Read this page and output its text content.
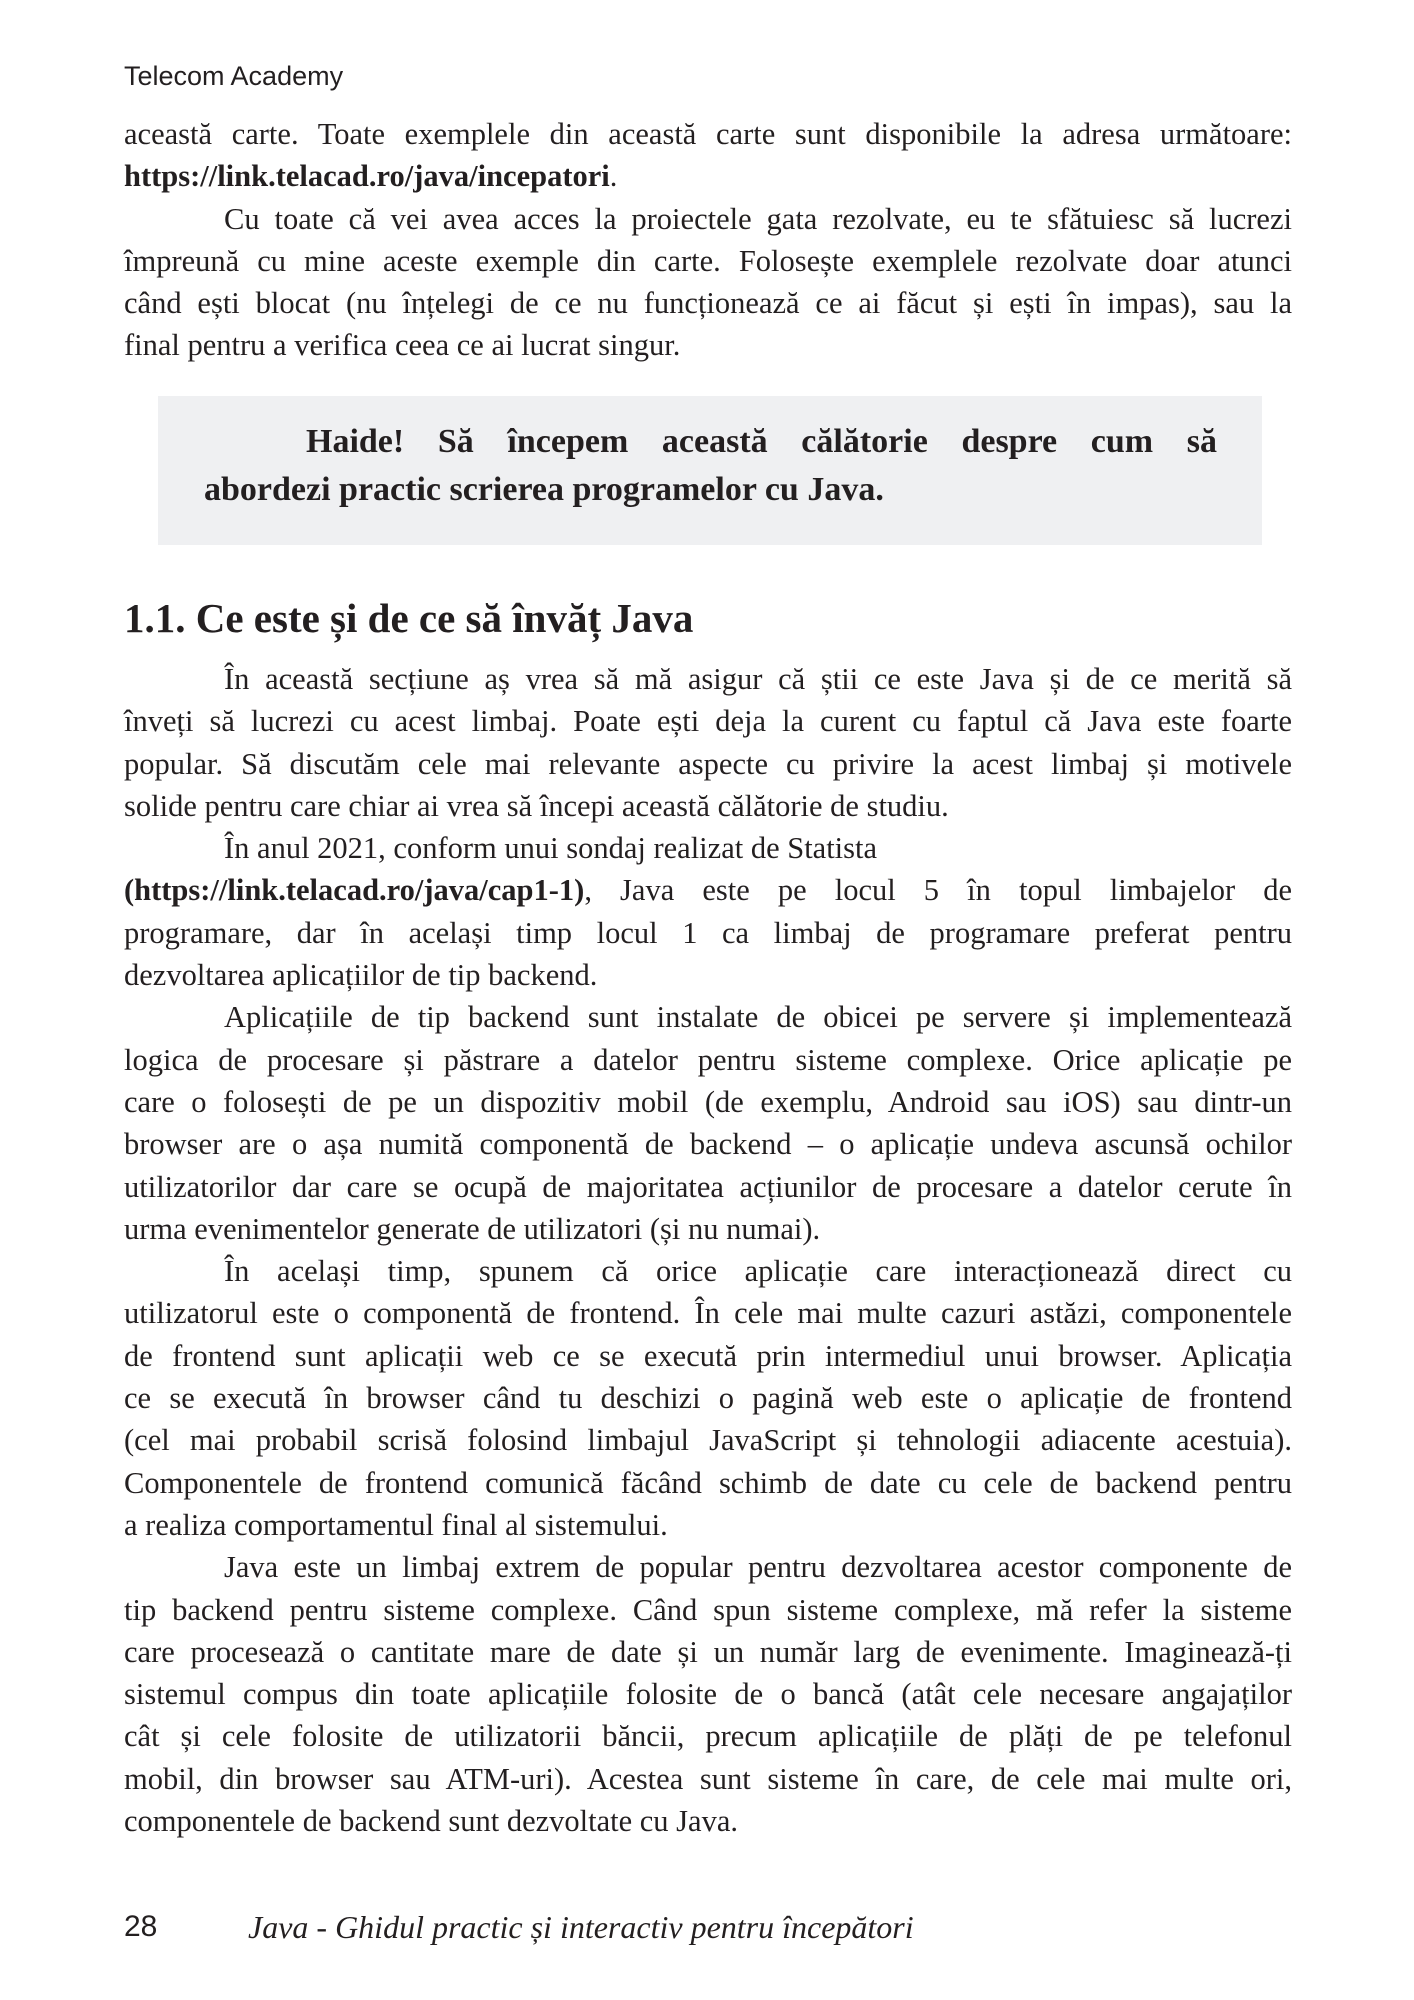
Telecom Academy
această carte. Toate exemplele din această carte sunt disponibile la adresa următoare:
https://link.telacad.ro/java/incepatori.
Cu toate că vei avea acces la proiectele gata rezolvate, eu te sfătuiesc să lucrezi
împreună cu mine aceste exemple din carte. Folosește exemplele rezolvate doar atunci
când ești blocat (nu înțelegi de ce nu funcționează ce ai făcut și ești în impas), sau la
final pentru a verifica ceea ce ai lucrat singur.
Haide! Să începem această călătorie despre cum să
abordezi practic scrierea programelor cu Java.
1.1. Ce este și de ce să învăț Java
În această secțiune aș vrea să mă asigur că știi ce este Java și de ce merită să
înveți să lucrezi cu acest limbaj. Poate ești deja la curent cu faptul că Java este foarte
popular. Să discutăm cele mai relevante aspecte cu privire la acest limbaj și motivele
solide pentru care chiar ai vrea să începi această călătorie de studiu.
În anul 2021, conform unui sondaj realizat de Statista
(https://link.telacad.ro/java/cap1-1), Java este pe locul 5 în topul limbajelor de
programare, dar în același timp locul 1 ca limbaj de programare preferat pentru
dezvoltarea aplicațiilor de tip backend.
Aplicațiile de tip backend sunt instalate de obicei pe servere și implementează
logica de procesare și păstrare a datelor pentru sisteme complexe. Orice aplicație pe
care o folosești de pe un dispozitiv mobil (de exemplu, Android sau iOS) sau dintr-un
browser are o așa numită componentă de backend – o aplicație undeva ascunsă ochilor
utilizatorilor dar care se ocupă de majoritatea acțiunilor de procesare a datelor cerute în
urma evenimentelor generate de utilizatori (și nu numai).
În același timp, spunem că orice aplicație care interacționează direct cu
utilizatorul este o componentă de frontend. În cele mai multe cazuri astăzi, componentele
de frontend sunt aplicații web ce se execută prin intermediul unui browser. Aplicația
ce se execută în browser când tu deschizi o pagină web este o aplicație de frontend
(cel mai probabil scrisă folosind limbajul JavaScript și tehnologii adiacente acestuia).
Componentele de frontend comunică făcând schimb de date cu cele de backend pentru
a realiza comportamentul final al sistemului.
Java este un limbaj extrem de popular pentru dezvoltarea acestor componente de
tip backend pentru sisteme complexe. Când spun sisteme complexe, mă refer la sisteme
care procesează o cantitate mare de date și un număr larg de evenimente. Imaginează-ți
sistemul compus din toate aplicațiile folosite de o bancă (atât cele necesare angajaților
cât și cele folosite de utilizatorii băncii, precum aplicațiile de plăți de pe telefonul
mobil, din browser sau ATM-uri). Acestea sunt sisteme în care, de cele mai multe ori,
componentele de backend sunt dezvoltate cu Java.
28	Java - Ghidul practic și interactiv pentru începători
